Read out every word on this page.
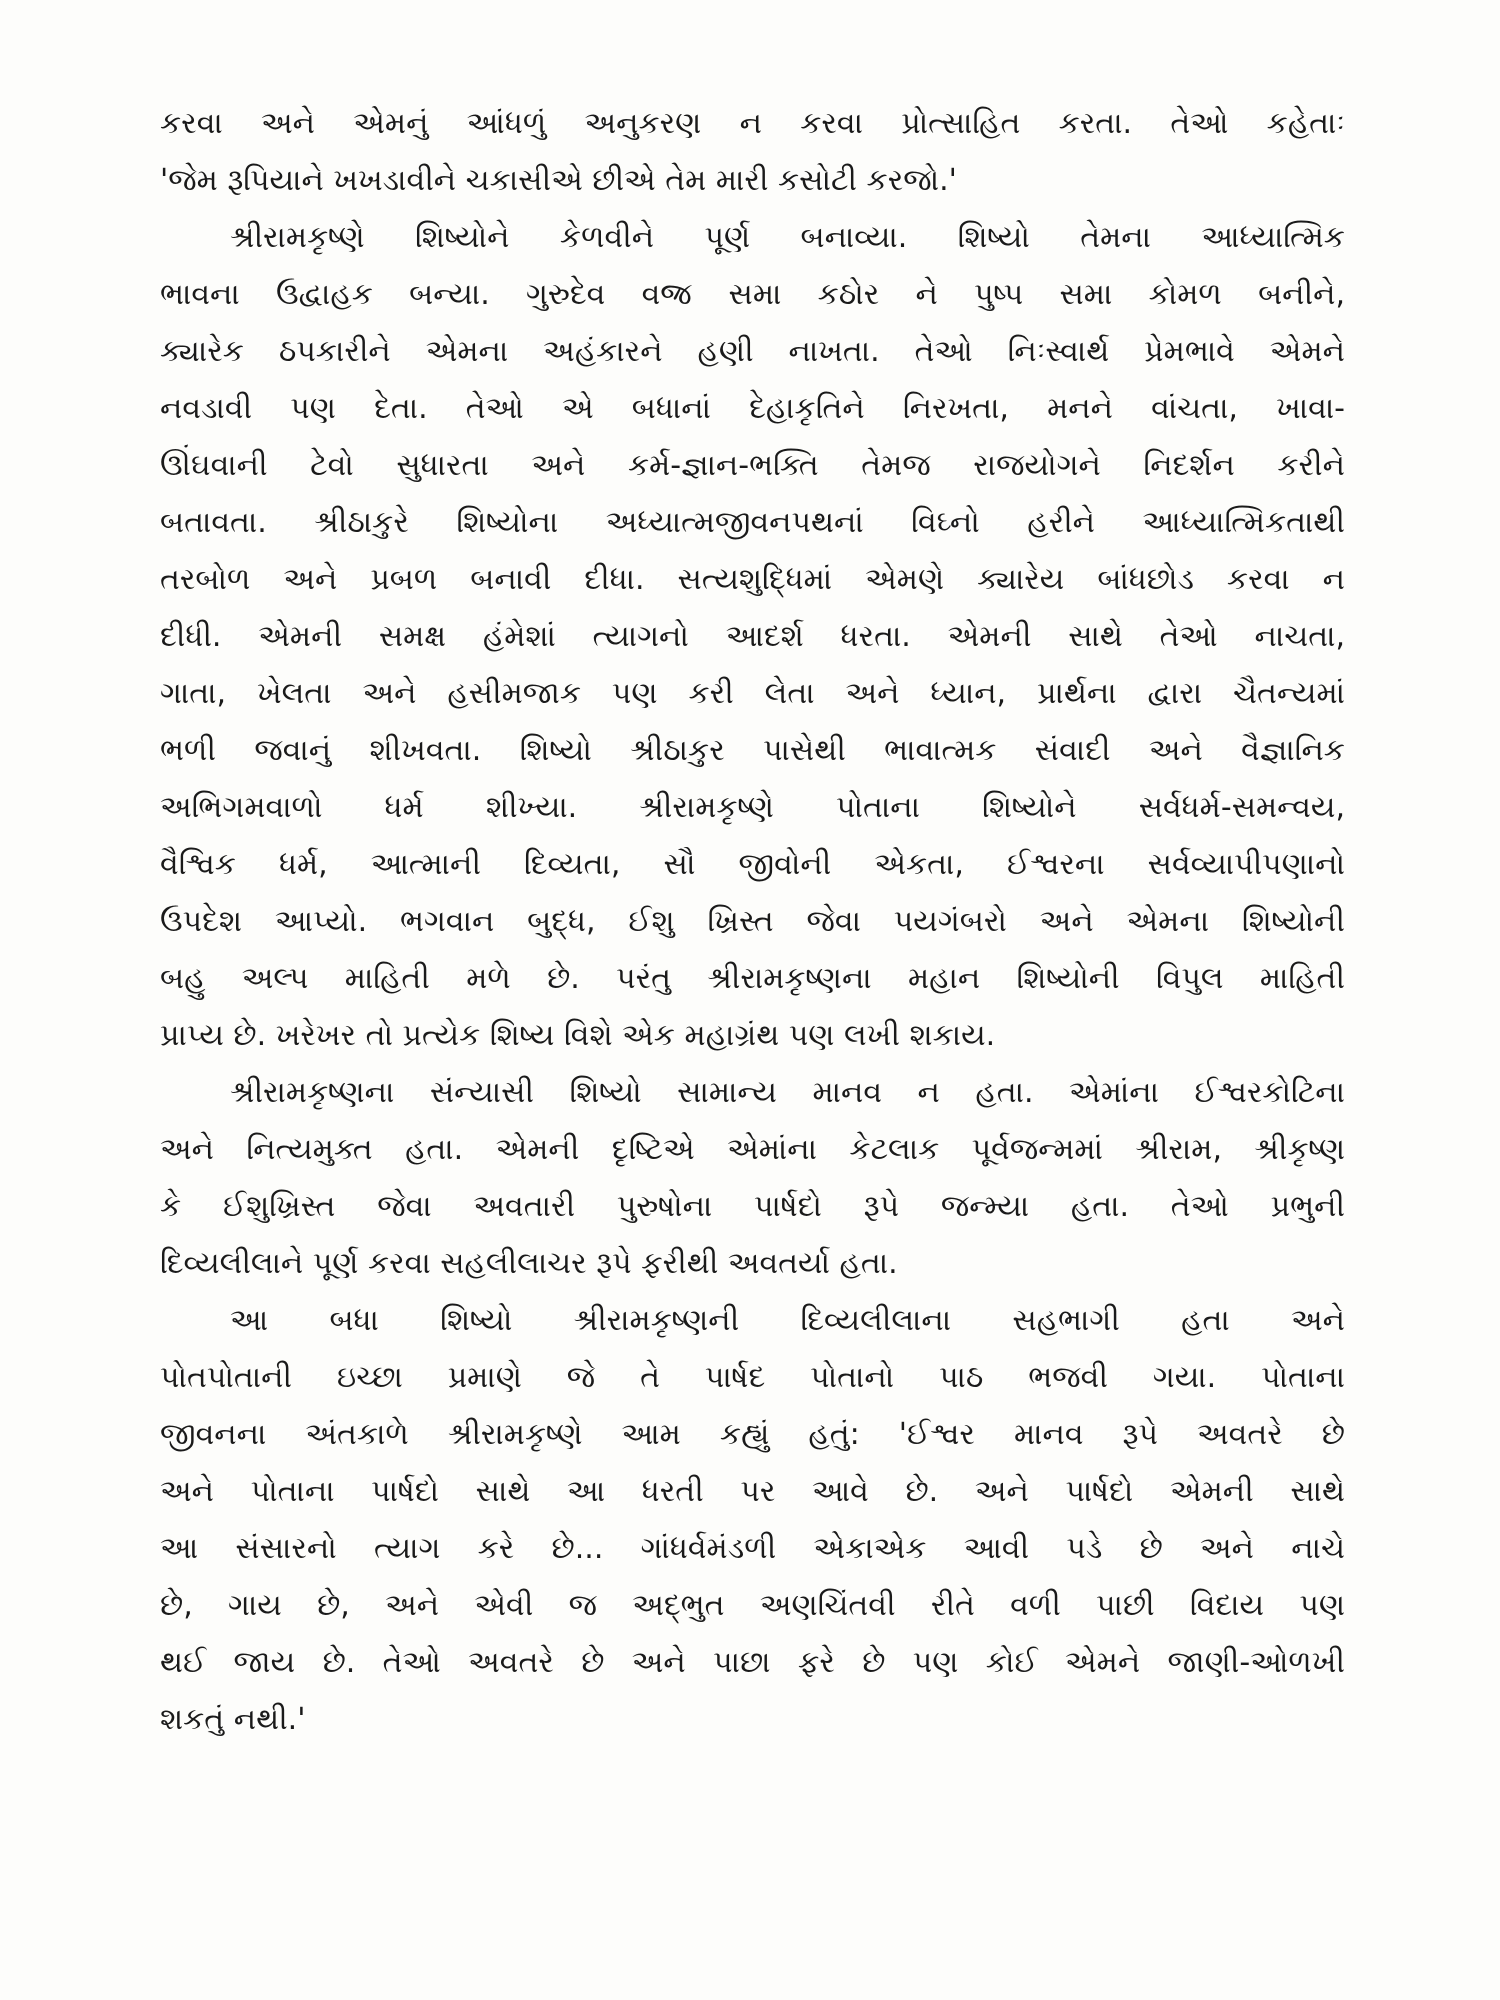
કરવા અને એમનું આંધળું અનુકરણ ન કરવા પ્રોત્સાહિત કરતા. તેઓ કહેતાઃ
'જેમ રૂપિયાને ખખડાવીને ચકાસીએ છીએ તેમ મારી કસોટી કરજો.'
શ્રીરામકૃષ્ણે શિષ્યોને કેળવીને પૂર્ણ બનાવ્યા. શિષ્યો તેમના આધ્યાત્મિક
ભાવના ઉદ્વાહક બન્યા. ગુરુદેવ વજ્ર સમા કઠોર ને પુષ્પ સમા કોમળ બનીને,
ક્યારેક ઠપકારીને એમના અહંકારને હણી નાખતા. તેઓ નિઃસ્વાર્થ પ્રેમભાવે એમને
નવડાવી પણ દેતા. તેઓ એ બધાનાં દેહાકૃતિને નિરખતા, મનને વાંચતા, ખાવા-
ઊંઘવાની ટેવો સુધારતા અને કર્મ-જ્ઞાન-ભક્તિ તેમજ રાજયોગને નિદર્શન કરીને
બતાવતા. શ્રીઠાકુરે શિષ્યોના અધ્યાત્મજીવનપથનાં વિઘ્નો હરીને આધ્યાત્મિકતાથી
તરબોળ અને પ્રબળ બનાવી દીધા. સત્યશુદ્ધિમાં એમણે ક્યારેય બાંધછોડ કરવા ન
દીધી. એમની સમક્ષ હંમેશાં ત્યાગનો આદર્શ ધરતા. એમની સાથે તેઓ નાચતા,
ગાતા, ખેલતા અને હસીમજાક પણ કરી લેતા અને ધ્યાન, પ્રાર્થના દ્વારા ચૈતન્યમાં
ભળી જવાનું શીખવતા. શિષ્યો શ્રીઠાકુર પાસેથી ભાવાત્મક સંવાદી અને વૈજ્ઞાનિક
અભિગમવાળો ધર્મ શીખ્યા. શ્રીરામકૃષ્ણે પોતાના શિષ્યોને સર્વધર્મ-સમન્વય,
વૈશ્વિક ધર્મ, આત્માની દિવ્યતા, સૌ જીવોની એકતા, ઈશ્વરના સર્વવ્યાપીપણાનો
ઉપદેશ આપ્યો. ભગવાન બુદ્ધ, ઈશુ ખ્રિસ્ત જેવા પયગંબરો અને એમના શિષ્યોની
બહુ અલ્પ માહિતી મળે છે. પરંતુ શ્રીરામકૃષ્ણના મહાન શિષ્યોની વિપુલ માહિતી
પ્રાપ્ય છે. ખરેખર તો પ્રત્યેક શિષ્ય વિશે એક મહાગ્રંથ પણ લખી શકાય.
શ્રીરામકૃષ્ણના સંન્યાસી શિષ્યો સામાન્ય માનવ ન હતા. એમાંના ઈશ્વરકોટિના
અને નિત્યમુક્ત હતા. એમની દૃષ્ટિએ એમાંના કેટલાક પૂર્વજન્મમાં શ્રીરામ, શ્રીકૃષ્ણ
કે ઈશુખ્રિસ્ત જેવા અવતારી પુરુષોના પાર્ષદો રૂપે જન્મ્યા હતા. તેઓ પ્રભુની
દિવ્યલીલાને પૂર્ણ કરવા સહલીલાચર રૂપે ફરીથી અવતર્યા હતા.
આ બધા શિષ્યો શ્રીરામકૃષ્ણની દિવ્યલીલાના સહભાગી હતા અને
પોતપોતાની ઇચ્છા પ્રમાણે જે તે પાર્ષદ પોતાનો પાઠ ભજવી ગયા. પોતાના
જીવનના અંતકાળે શ્રીરામકૃષ્ણે આમ કહ્યું હતું: 'ઈશ્વર માનવ રૂપે અવતરે છે
અને પોતાના પાર્ષદો સાથે આ ધરતી પર આવે છે. અને પાર્ષદો એમની સાથે
આ સંસારનો ત્યાગ કરે છે... ગાંધર્વમંડળી એકાએક આવી પડે છે અને નાચે
છે, ગાય છે, અને એવી જ અદ્ભુત અણચિંતવી રીતે વળી પાછી વિદાય પણ
થઈ જાય છે. તેઓ અવતરે છે અને પાછા ફરે છે પણ કોઈ એમને જાણી-ઓળખી
શકતું નથી.'
